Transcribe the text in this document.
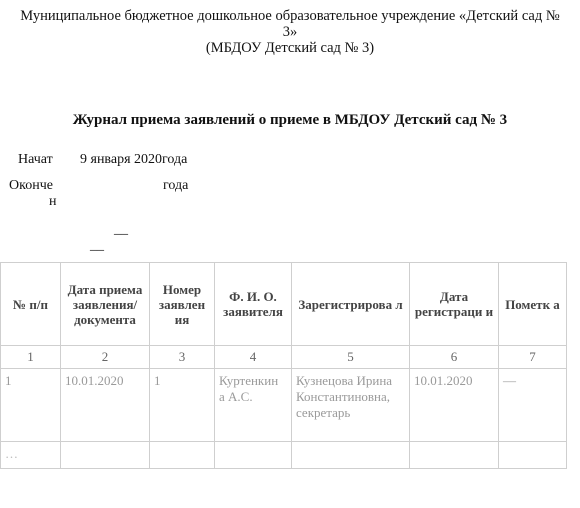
Муниципальное бюджетное дошкольное образовательное учреждение «Детский сад №
3»
(МБДОУ Детский сад № 3)
Журнал приема заявлений о приеме в МБДОУ Детский сад № 3
Начат 9 января 2020года
Оконче
н
года
__
__
№ п/п	Дата приема заявления/ документа	Номер заявлен ия	Ф. И. О. заявителя	Зарегистрирова л	Дата регистраци и	Пометк а
1	2	3	4	5	6	7
1	10.01.2020	1	Куртенкин а А.С.	Кузнецова Ирина Константиновна, секретарь	10.01.2020	—
…						
